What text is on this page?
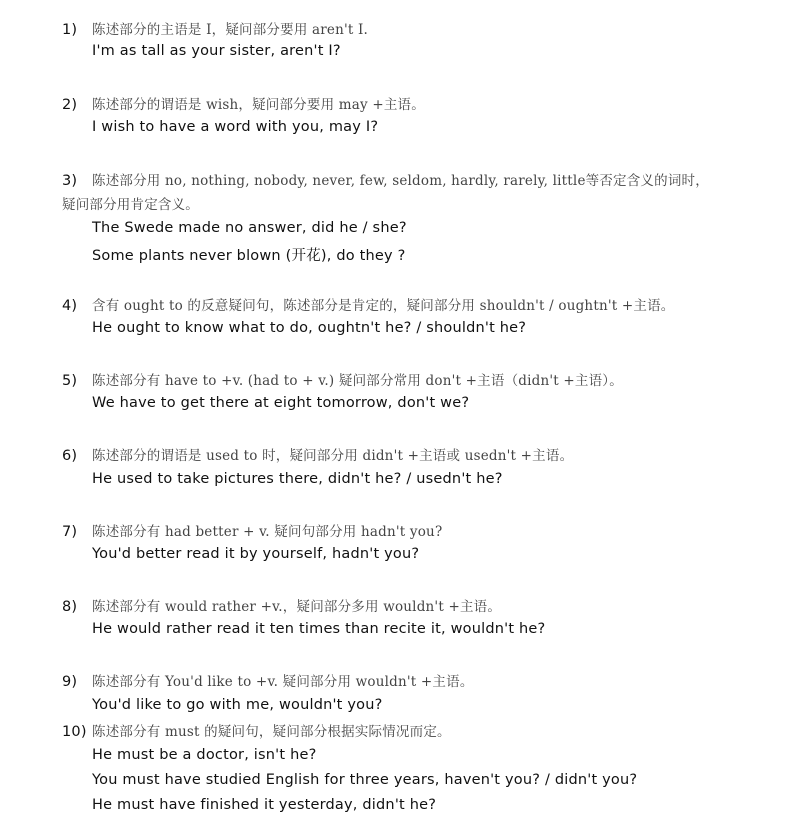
1) 陈述部分的主语是 I，疑问部分要用 aren't I.
I'm as tall as your sister, aren't I?
2) 陈述部分的谓语是 wish，疑问部分要用 may +主语。
I wish to have a word with you, may I?
3) 陈述部分用 no, nothing, nobody, never, few, seldom, hardly, rarely, little等否定含义的词时，
疑问部分用肯定含义。
The Swede made no answer, did he / she?
Some plants never blown (开花), do they ?
4) 含有 ought to 的反意疑问句，陈述部分是肯定的，疑问部分用 shouldn't / oughtn't +主语。
He ought to know what to do, oughtn't he? / shouldn't he?
5) 陈述部分有 have to +v. (had to + v.) 疑问部分常用 don't +主语（didn't +主语）。
We have to get there at eight tomorrow, don't we?
6) 陈述部分的谓语是 used to 时，疑问部分用 didn't +主语或 usedn't +主语。
He used to take pictures there, didn't he? / usedn't he?
7) 陈述部分有 had better + v. 疑问句部分用 hadn't you?
You'd better read it by yourself, hadn't you?
8) 陈述部分有 would rather +v.，疑问部分多用 wouldn't +主语。
He would rather read it ten times than recite it, wouldn't he?
9) 陈述部分有 You'd like to +v. 疑问部分用 wouldn't +主语。
You'd like to go with me, wouldn't you?
10) 陈述部分有 must 的疑问句，疑问部分根据实际情况而定。
He must be a doctor, isn't he?
You must have studied English for three years, haven't you? / didn't you?
He must have finished it yesterday, didn't he?
